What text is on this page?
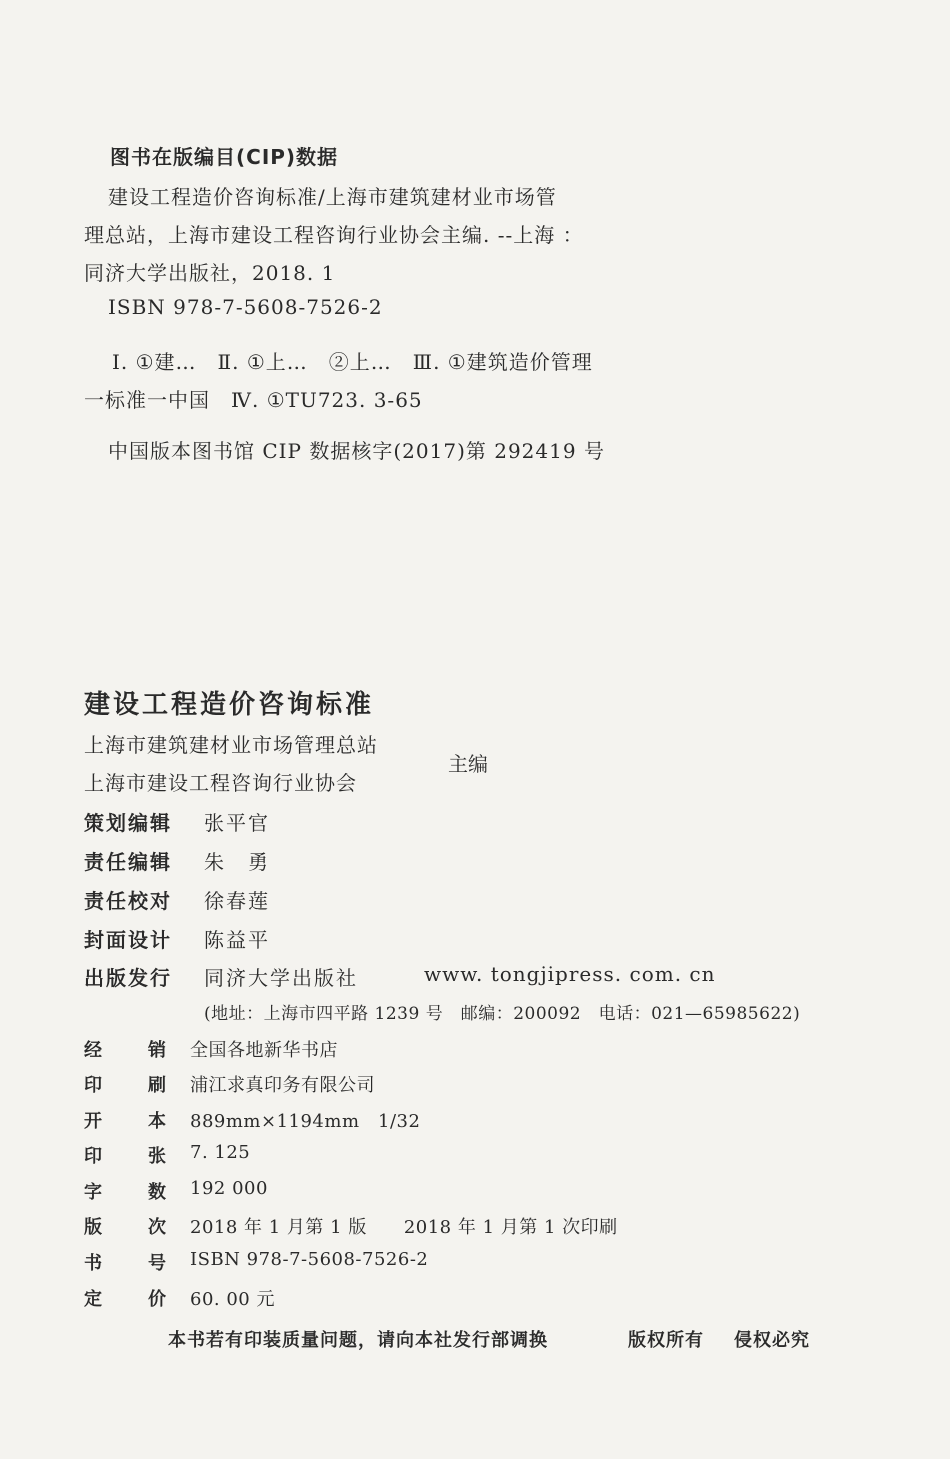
图书在版编目(CIP)数据
建设工程造价咨询标准/上海市建筑建材业市场管
理总站，上海市建设工程咨询行业协会主编. --上海 ：
同济大学出版社，2018. 1
ISBN 978-7-5608-7526-2
Ⅰ. ①建…　Ⅱ. ①上…　②上…　Ⅲ. ①建筑造价管理
一标准一中国　Ⅳ. ①TU723. 3-65
中国版本图书馆 CIP 数据核字(2017)第 292419 号
建设工程造价咨询标准
上海市建筑建材业市场管理总站
上海市建设工程咨询行业协会
主编
策划编辑 张平官
责任编辑 朱　勇
责任校对 徐春莲
封面设计 陈益平
出版发行 同济大学出版社	www. tongjipress. com. cn
(地址：上海市四平路 1239 号　邮编：200092　电话：021—65985622)
经	销 全国各地新华书店
印	刷 浦江求真印务有限公司
开	本 889mm×1194mm　1/32
印	张 7. 125
字	数 192 000
版	次 2018 年 1 月第 1 版　　2018 年 1 月第 1 次印刷
书	号 ISBN 978-7-5608-7526-2
定	价 60. 00 元
本书若有印装质量问题，请向本社发行部调换	版权所有 侵权必究
